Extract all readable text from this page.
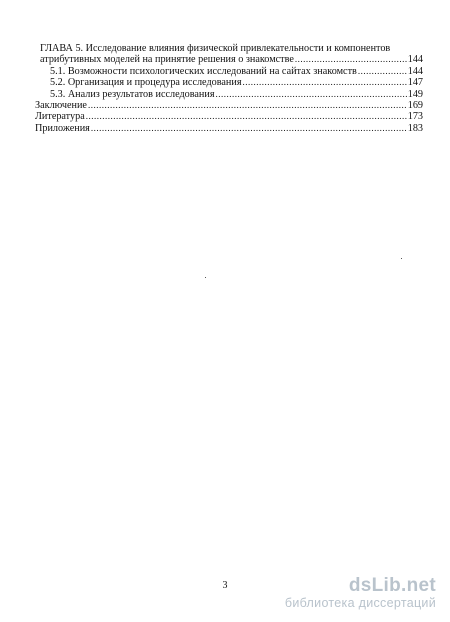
ГЛАВА 5. Исследование влияния физической привлекательности и компонентов
атрибутивных моделей на принятие решения о знакомстве .....	144
5.1. Возможности психологических исследований на сайтах знакомств .....	144
5.2. Организация и процедура исследования .....	147
5.3. Анализ результатов исследования .....	149
Заключение .....	169
Литература .....	173
Приложения .....	183
3	dsLib.net
библиотека диссертаций
